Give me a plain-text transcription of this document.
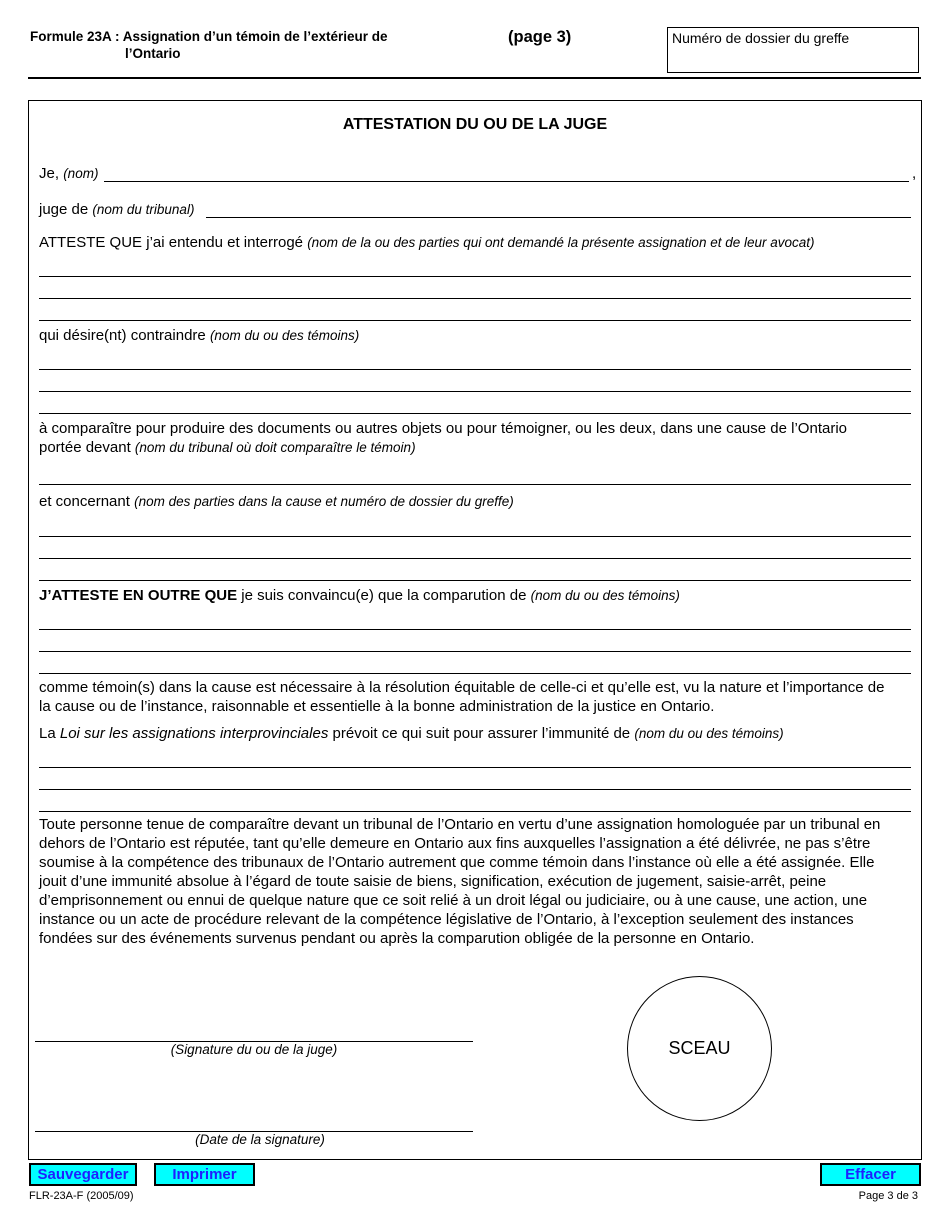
Formule 23A : Assignation d’un témoin de l’extérieur de
l’Ontario
(page 3)	Numéro de dossier du greffe
ATTESTATION DU OU DE LA JUGE
Je, (nom)	,
juge de (nom du tribunal)
ATTESTE QUE j’ai entendu et interrogé (nom de la ou des parties qui ont demandé la présente assignation et de leur avocat)
qui désire(nt) contraindre (nom du ou des témoins)
à comparaître pour produire des documents ou autres objets ou pour témoigner, ou les deux, dans une cause de l’Ontario
portée devant (nom du tribunal où doit comparaître le témoin)
et concernant (nom des parties dans la cause et numéro de dossier du greffe)
J’ATTESTE EN OUTRE QUE je suis convaincu(e) que la comparution de (nom du ou des témoins)
comme témoin(s) dans la cause est nécessaire à la résolution équitable de celle-ci et qu’elle est, vu la nature et l’importance de la cause ou de l’instance, raisonnable et essentielle à la bonne administration de la justice en Ontario.
La Loi sur les assignations interprovinciales prévoit ce qui suit pour assurer l’immunité de (nom du ou des témoins)
Toute personne tenue de comparaître devant un tribunal de l’Ontario en vertu d’une assignation homologuée par un tribunal en dehors de l’Ontario est réputée, tant qu’elle demeure en Ontario aux fins auxquelles l’assignation a été délivrée, ne pas s’être soumise à la compétence des tribunaux de l’Ontario autrement que comme témoin dans l’instance où elle a été assignée. Elle jouit d’une immunité absolue à l’égard de toute saisie de biens, signification, exécution de jugement, saisie-arrêt, peine d’emprisonnement ou ennui de quelque nature que ce soit relié à un droit légal ou judiciaire, ou à une cause, une action, une instance ou un acte de procédure relevant de la compétence législative de l’Ontario, à l’exception seulement des instances fondées sur des événements survenus pendant ou après la comparution obligée de la personne en Ontario.
(Signature du ou de la juge)
(Date de la signature)
SCEAU
Sauvegarder	Imprimer	Effacer
FLR-23A-F (2005/09)	Page 3 de 3
